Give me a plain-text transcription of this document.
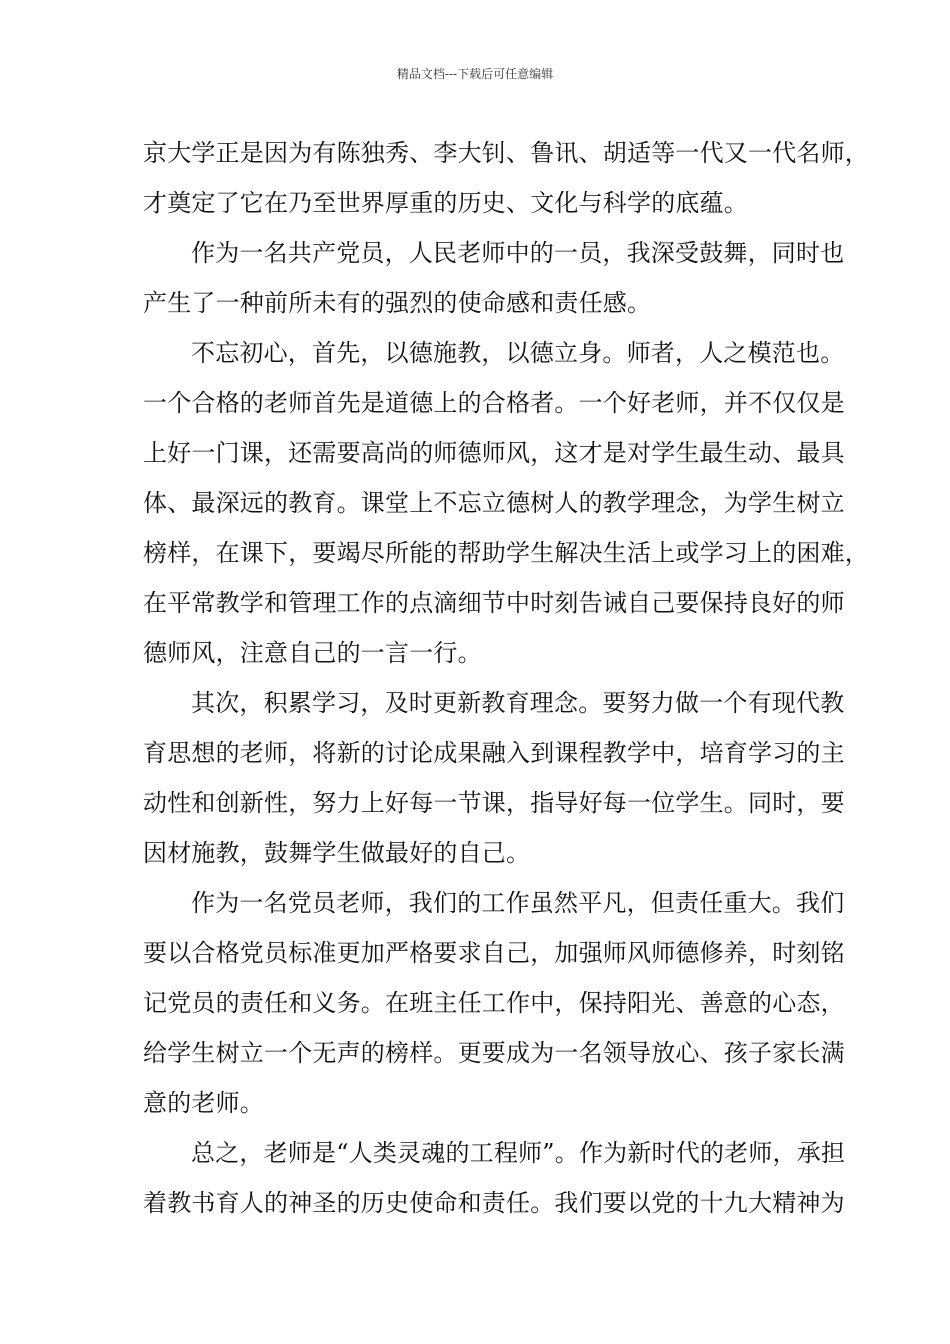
精品文档---下载后可任意编辑
京大学正是因为有陈独秀、李大钊、鲁讯、胡适等一代又一代名师，
才奠定了它在乃至世界厚重的历史、文化与科学的底蕴。
作为一名共产党员，人民老师中的一员，我深受鼓舞，同时也
产生了一种前所未有的强烈的使命感和责任感。
不忘初心，首先，以德施教，以德立身。师者，人之模范也。
一个合格的老师首先是道德上的合格者。一个好老师，并不仅仅是
上好一门课，还需要高尚的师德师风，这才是对学生最生动、最具
体、最深远的教育。课堂上不忘立德树人的教学理念，为学生树立
榜样，在课下，要竭尽所能的帮助学生解决生活上或学习上的困难，
在平常教学和管理工作的点滴细节中时刻告诫自己要保持良好的师
德师风，注意自己的一言一行。
其次，积累学习，及时更新教育理念。要努力做一个有现代教
育思想的老师，将新的讨论成果融入到课程教学中，培育学习的主
动性和创新性，努力上好每一节课，指导好每一位学生。同时，要
因材施教，鼓舞学生做最好的自己。
作为一名党员老师，我们的工作虽然平凡，但责任重大。我们
要以合格党员标准更加严格要求自己，加强师风师德修养，时刻铭
记党员的责任和义务。在班主任工作中，保持阳光、善意的心态，
给学生树立一个无声的榜样。更要成为一名领导放心、孩子家长满
意的老师。
总之，老师是“人类灵魂的工程师”。作为新时代的老师，承担
着教书育人的神圣的历史使命和责任。我们要以党的十九大精神为
